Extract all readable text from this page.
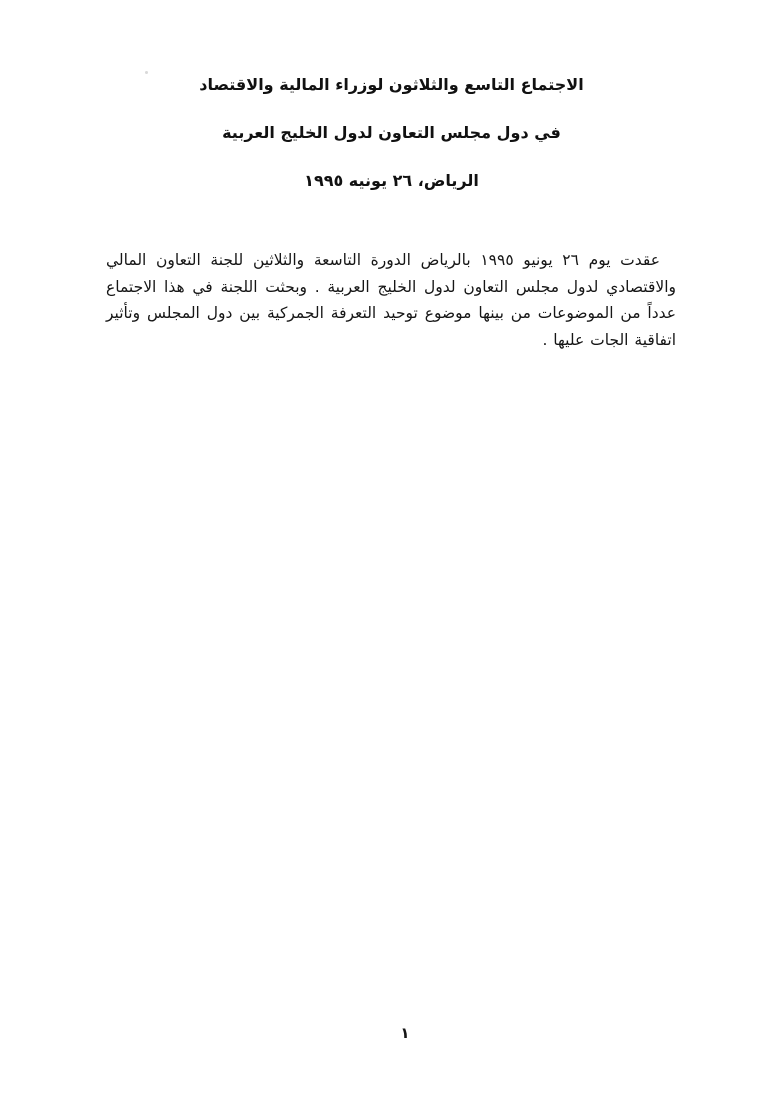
الاجتماع التاسع والثلاثون لوزراء المالية والاقتصاد
في دول مجلس التعاون لدول الخليج العربية
الرياض، ٢٦ يونيه ١٩٩٥
عقدت يوم ٢٦ يونيو ١٩٩٥ بالرياض الدورة التاسعة والثلاثين للجنة التعاون المالي والاقتصادي لدول مجلس التعاون لدول الخليج العربية . وبحثت اللجنة في هذا الاجتماع عدداً من الموضوعات من بينها موضوع توحيد التعرفة الجمركية بين دول المجلس وتأثير اتفاقية الجات عليها .
١
